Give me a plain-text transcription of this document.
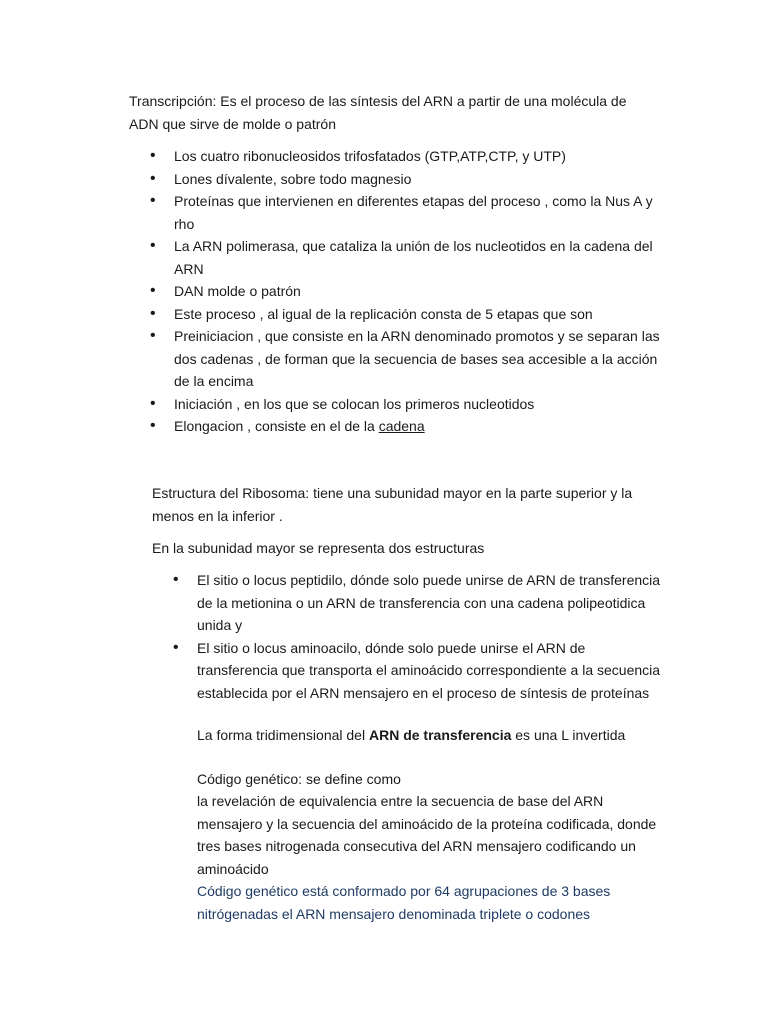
Transcripción: Es el proceso de las síntesis del ARN a partir de una molécula de ADN que sirve de molde o patrón

• Los cuatro ribonucleosidos trifosfatados (GTP,ATP,CTP, y UTP)
• Lones dívalente, sobre todo magnesio
• Proteínas que intervienen en diferentes etapas del proceso , como la Nus A y rho
• La ARN polimerasa, que cataliza la unión de los nucleotidos en la cadena del ARN
• DAN molde o patrón
• Este proceso , al igual de la replicación consta de 5 etapas que son
• Preiniciacion , que consiste en la ARN denominado promotos y se separan las dos cadenas , de forman que la secuencia de bases sea accesible a la acción de la encima
• Iniciación , en los que se colocan los primeros nucleotidos
• Elongacion , consiste en el de la cadena

Estructura del Ribosoma: tiene una subunidad mayor en la parte superior y la menos en la inferior .

En la subunidad mayor se representa dos estructuras

• El sitio o locus peptidilo, dónde solo puede unirse de ARN de transferencia de la metionina o un ARN de transferencia con una cadena polipeotidica unida y
• El sitio o locus aminoacilo, dónde solo puede unirse el ARN de transferencia que transporta el aminoácido correspondiente a la secuencia establecida por el ARN mensajero en el proceso de síntesis de proteínas

La forma tridimensional del ARN de transferencia es una L invertida

Código genético: se define como

la revelación de equivalencia entre la secuencia de base del ARN mensajero y la secuencia del aminoácido de la proteína codificada, donde tres bases nitrogenada consecutiva del ARN mensajero codificando un aminoácido

Código genético está conformado por 64 agrupaciones de 3 bases nitrógenadas el ARN mensajero denominada triplete o codones
